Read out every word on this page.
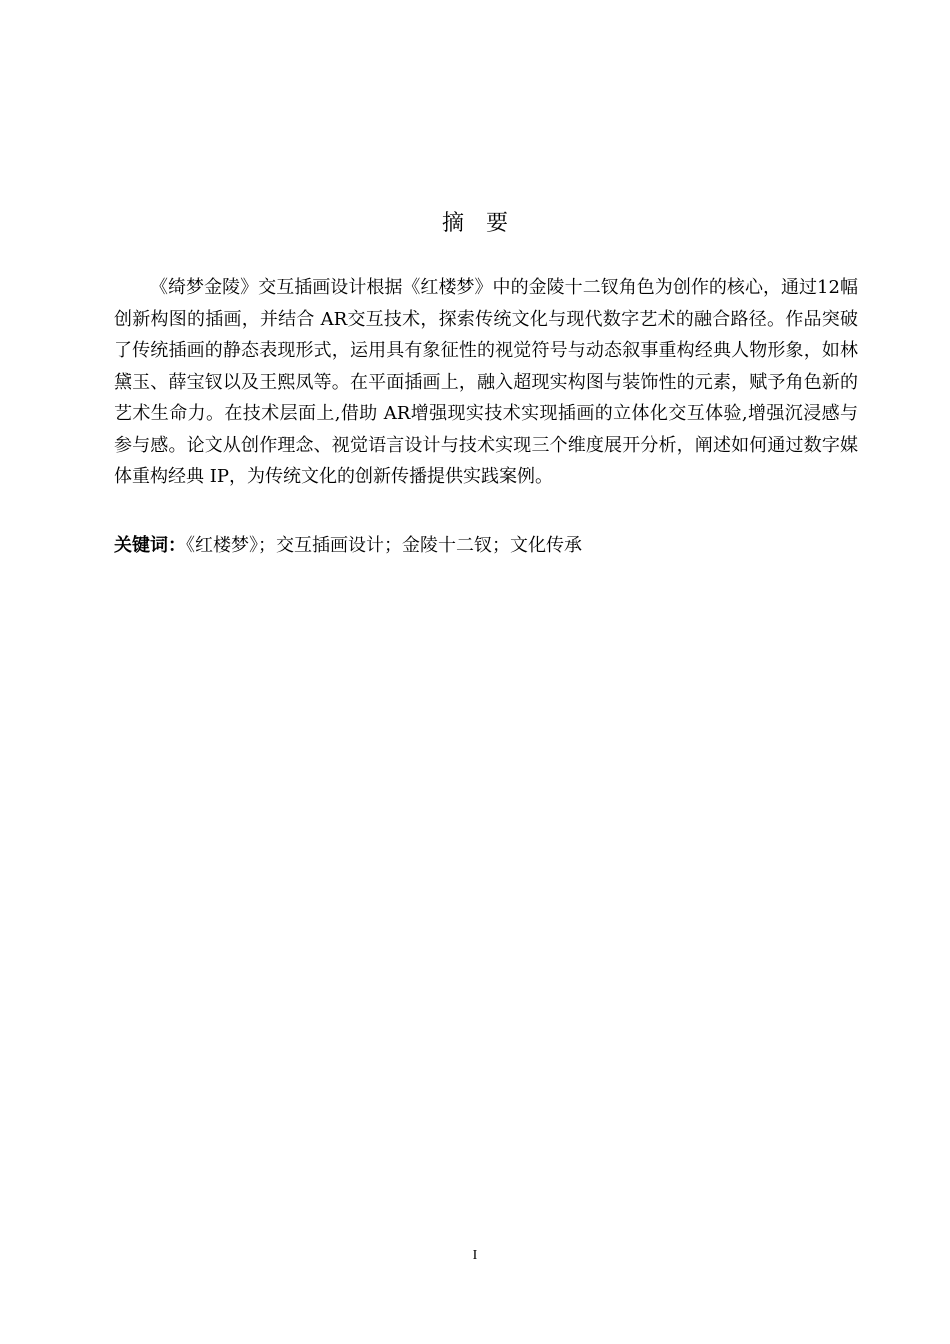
摘要

《绮梦金陵》交互插画设计根据《红楼梦》中的金陵十二钗角色为创作的核心，通过12幅创新构图的插画，并结合 AR交互技术，探索传统文化与现代数字艺术的融合路径。作品突破了传统插画的静态表现形式，运用具有象征性的视觉符号与动态叙事重构经典人物形象，如林黛玉、薛宝钗以及王熙凤等。在平面插画上，融入超现实构图与装饰性的元素，赋予角色新的艺术生命力。在技术层面上,借助 AR增强现实技术实现插画的立体化交互体验,增强沉浸感与参与感。论文从创作理念、视觉语言设计与技术实现三个维度展开分析，阐述如何通过数字媒体重构经典 IP，为传统文化的创新传播提供实践案例。

关键词：《红楼梦》；交互插画设计；金陵十二钗；文化传承
I
